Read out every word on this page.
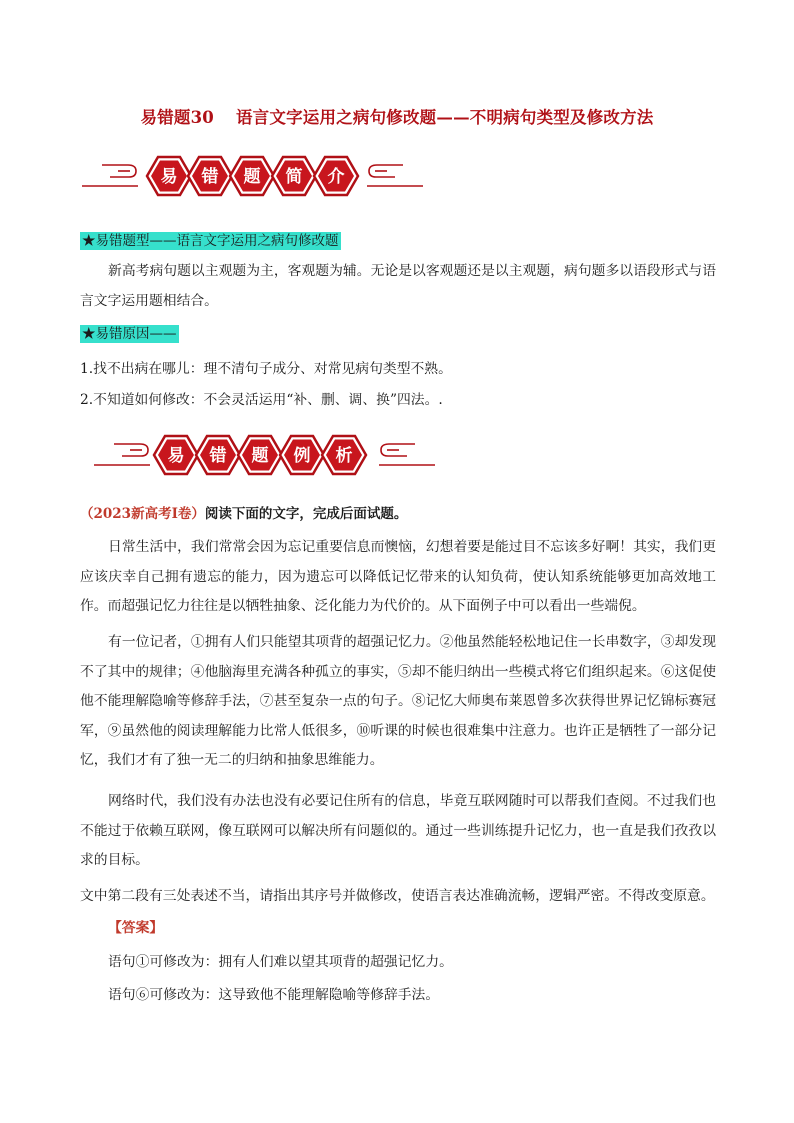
易错题30 语言文字运用之病句修改题——不明病句类型及修改方法
易 错 题 简 介
★易错题型——语言文字运用之病句修改题
新高考病句题以主观题为主，客观题为辅。无论是以客观题还是以主观题，病句题多以语段形式与语言文字运用题相结合。
★易错原因——
1.找不出病在哪儿：理不清句子成分、对常见病句类型不熟。
2.不知道如何修改：不会灵活运用“补、删、调、换”四法。.
易 错 题 例 析
（2023新高考Ⅰ卷）阅读下面的文字，完成后面试题。
日常生活中，我们常常会因为忘记重要信息而懊恼，幻想着要是能过目不忘该多好啊！其实，我们更应该庆幸自己拥有遗忘的能力，因为遗忘可以降低记忆带来的认知负荷，使认知系统能够更加高效地工作。而超强记忆力往往是以牺牲抽象、泛化能力为代价的。从下面例子中可以看出一些端倪。
有一位记者，①拥有人们只能望其项背的超强记忆力。②他虽然能轻松地记住一长串数字，③却发现不了其中的规律；④他脑海里充满各种孤立的事实，⑤却不能归纳出一些模式将它们组织起来。⑥这促使他不能理解隐喻等修辞手法，⑦甚至复杂一点的句子。⑧记忆大师奥布莱恩曾多次获得世界记忆锦标赛冠军，⑨虽然他的阅读理解能力比常人低很多，⑩听课的时候也很难集中注意力。也许正是牺牲了一部分记忆，我们才有了独一无二的归纳和抽象思维能力。
网络时代，我们没有办法也没有必要记住所有的信息，毕竟互联网随时可以帮我们查阅。不过我们也不能过于依赖互联网，像互联网可以解决所有问题似的。通过一些训练提升记忆力，也一直是我们孜孜以求的目标。
文中第二段有三处表述不当，请指出其序号并做修改，使语言表达准确流畅，逻辑严密。不得改变原意。
【答案】
语句①可修改为：拥有人们难以望其项背的超强记忆力。
语句⑥可修改为：这导致他不能理解隐喻等修辞手法。
